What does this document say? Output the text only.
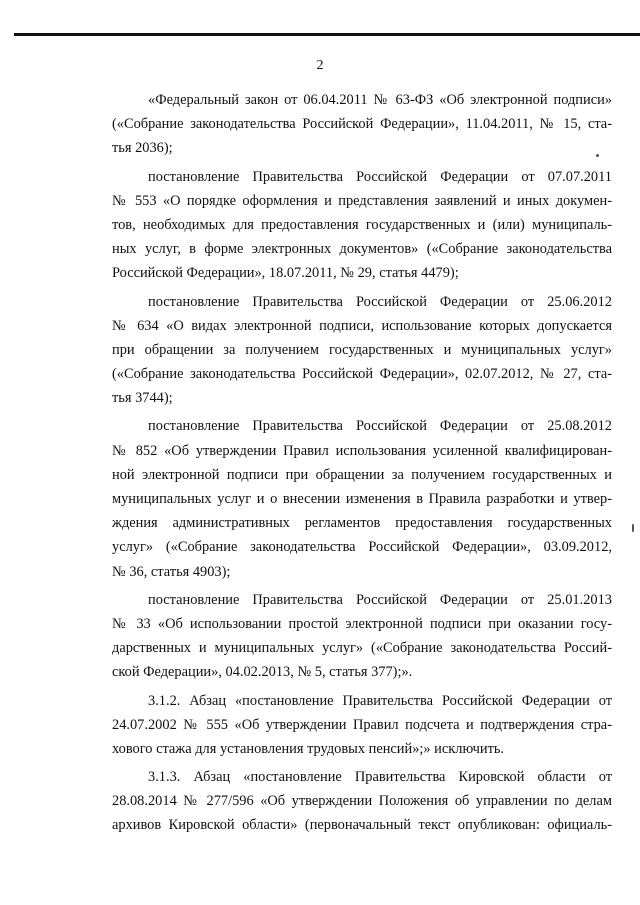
2
«Федеральный закон от 06.04.2011 № 63-ФЗ «Об электронной подписи»
(«Собрание законодательства Российской Федерации», 11.04.2011, № 15, ста-
тья 2036);
постановление Правительства Российской Федерации от 07.07.2011
№ 553 «О порядке оформления и представления заявлений и иных докумен-
тов, необходимых для предоставления государственных и (или) муниципаль-
ных услуг, в форме электронных документов» («Собрание законодательства
Российской Федерации», 18.07.2011, № 29, статья 4479);
постановление Правительства Российской Федерации от 25.06.2012
№ 634 «О видах электронной подписи, использование которых допускается
при обращении за получением государственных и муниципальных услуг»
(«Собрание законодательства Российской Федерации», 02.07.2012, № 27, ста-
тья 3744);
постановление Правительства Российской Федерации от 25.08.2012
№ 852 «Об утверждении Правил использования усиленной квалифицирован-
ной электронной подписи при обращении за получением государственных и
муниципальных услуг и о внесении изменения в Правила разработки и утвер-
ждения административных регламентов предоставления государственных
услуг» («Собрание законодательства Российской Федерации», 03.09.2012,
№ 36, статья 4903);
постановление Правительства Российской Федерации от 25.01.2013
№ 33 «Об использовании простой электронной подписи при оказании госу-
дарственных и муниципальных услуг» («Собрание законодательства Россий-
ской Федерации», 04.02.2013, № 5, статья 377);».
3.1.2. Абзац «постановление Правительства Российской Федерации от
24.07.2002 № 555 «Об утверждении Правил подсчета и подтверждения стра-
хового стажа для установления трудовых пенсий»;» исключить.
3.1.3. Абзац «постановление Правительства Кировской области от
28.08.2014 № 277/596 «Об утверждении Положения об управлении по делам
архивов Кировской области» (первоначальный текст опубликован: официаль-
